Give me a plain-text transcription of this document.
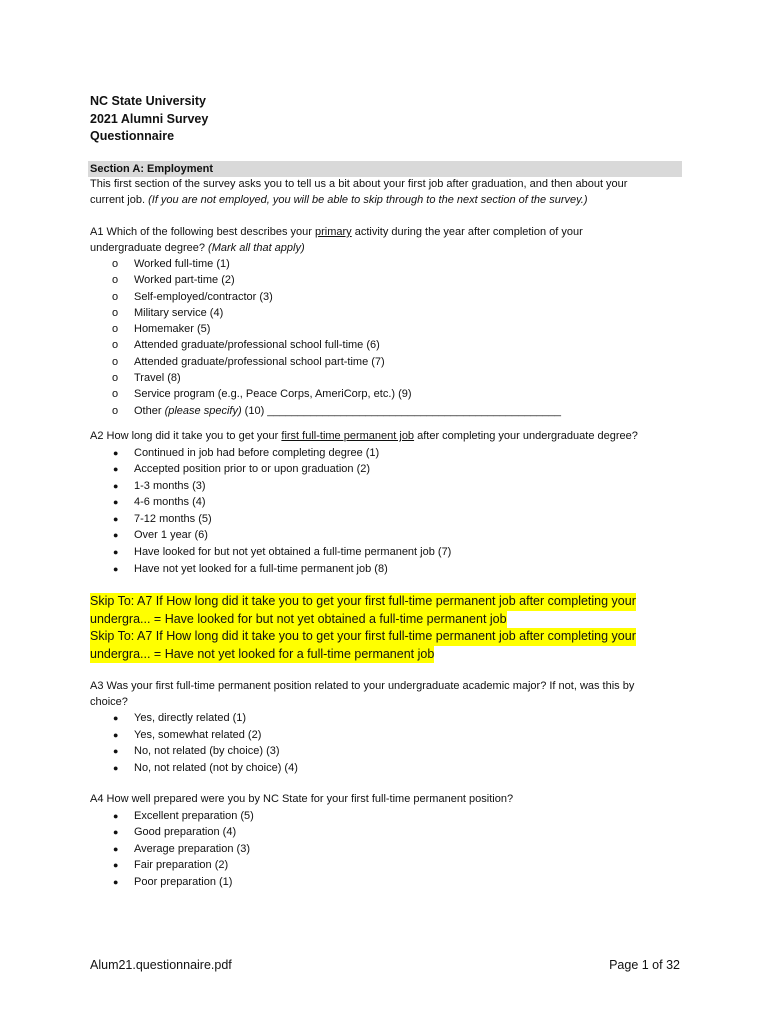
NC State University
2021 Alumni Survey
Questionnaire
Section A: Employment
This first section of the survey asks you to tell us a bit about your first job after graduation, and then about your
current job. (If you are not employed, you will be able to skip through to the next section of the survey.)
A1 Which of the following best describes your primary activity during the year after completion of your
undergraduate degree? (Mark all that apply)
o	Worked full-time (1)
o	Worked part-time (2)
o	Self-employed/contractor (3)
o	Military service (4)
o	Homemaker (5)
o	Attended graduate/professional school full-time (6)
o	Attended graduate/professional school part-time (7)
o	Travel (8)
o	Service program (e.g., Peace Corps, AmeriCorp, etc.) (9)
o	Other (please specify) (10) ________________________________________________
A2 How long did it take you to get your first full-time permanent job after completing your undergraduate degree?
●	Continued in job had before completing degree (1)
●	Accepted position prior to or upon graduation (2)
●	1-3 months (3)
●	4-6 months (4)
●	7-12 months (5)
●	Over 1 year (6)
●	Have looked for but not yet obtained a full-time permanent job (7)
●	Have not yet looked for a full-time permanent job (8)
Skip To: A7 If How long did it take you to get your first full-time permanent job after completing your
undergra... = Have looked for but not yet obtained a full-time permanent job
Skip To: A7 If How long did it take you to get your first full-time permanent job after completing your
undergra... = Have not yet looked for a full-time permanent job
A3 Was your first full-time permanent position related to your undergraduate academic major? If not, was this by
choice?
●	Yes, directly related (1)
●	Yes, somewhat related (2)
●	No, not related (by choice) (3)
●	No, not related (not by choice) (4)
A4 How well prepared were you by NC State for your first full-time permanent position?
●	Excellent preparation (5)
●	Good preparation (4)
●	Average preparation (3)
●	Fair preparation (2)
●	Poor preparation (1)
Alum21.questionnaire.pdf	Page 1 of 32
